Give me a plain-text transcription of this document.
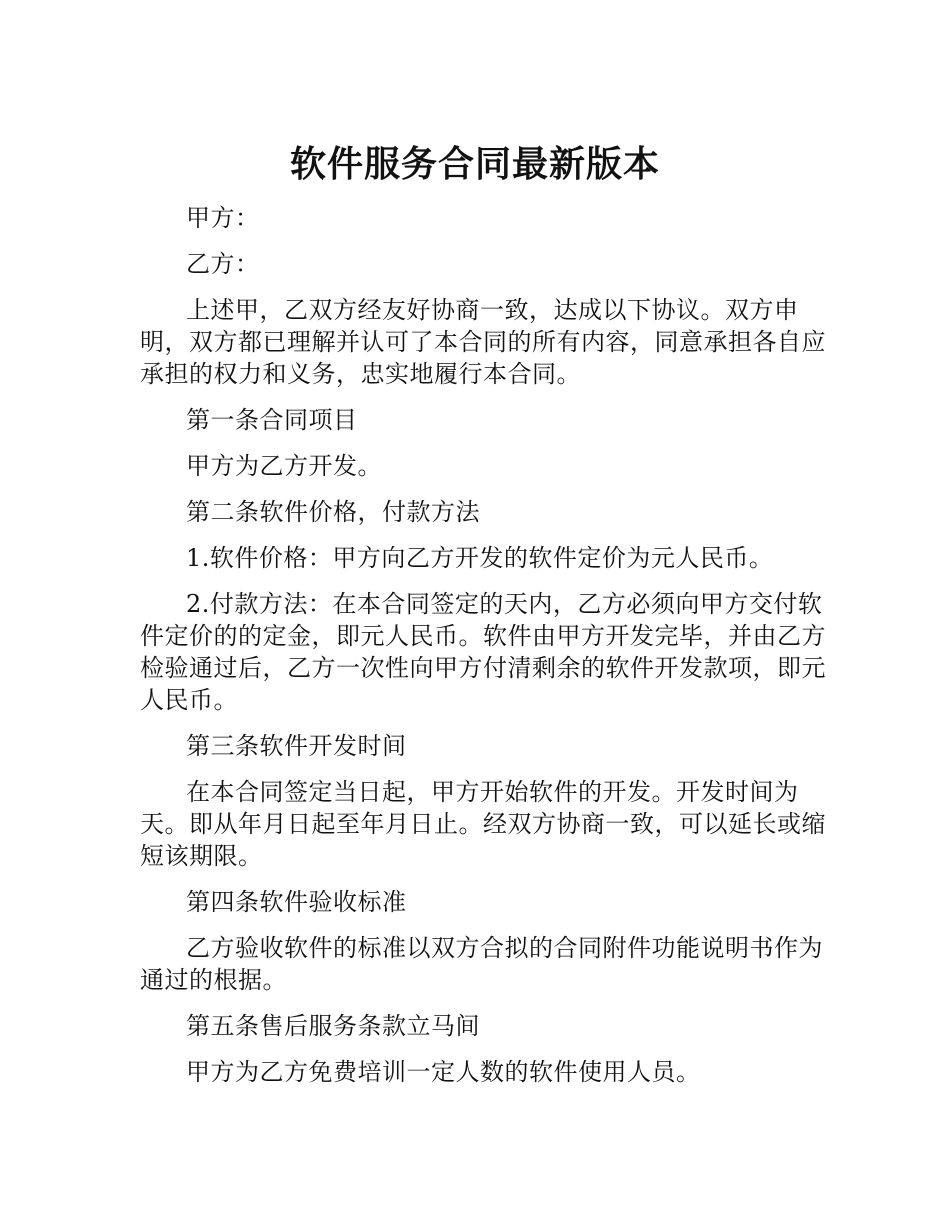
软件服务合同最新版本

甲方：

乙方：

上述甲，乙双方经友好协商一致，达成以下协议。双方申明，双方都已理解并认可了本合同的所有内容，同意承担各自应承担的权力和义务，忠实地履行本合同。

第一条合同项目

甲方为乙方开发。

第二条软件价格，付款方法

1.软件价格：甲方向乙方开发的软件定价为元人民币。

2.付款方法：在本合同签定的天内，乙方必须向甲方交付软件定价的的定金，即元人民币。软件由甲方开发完毕，并由乙方检验通过后，乙方一次性向甲方付清剩余的软件开发款项，即元人民币。

第三条软件开发时间

在本合同签定当日起，甲方开始软件的开发。开发时间为天。即从年月日起至年月日止。经双方协商一致，可以延长或缩短该期限。

第四条软件验收标准

乙方验收软件的标准以双方合拟的合同附件功能说明书作为通过的根据。

第五条售后服务条款立马间

甲方为乙方免费培训一定人数的软件使用人员。
